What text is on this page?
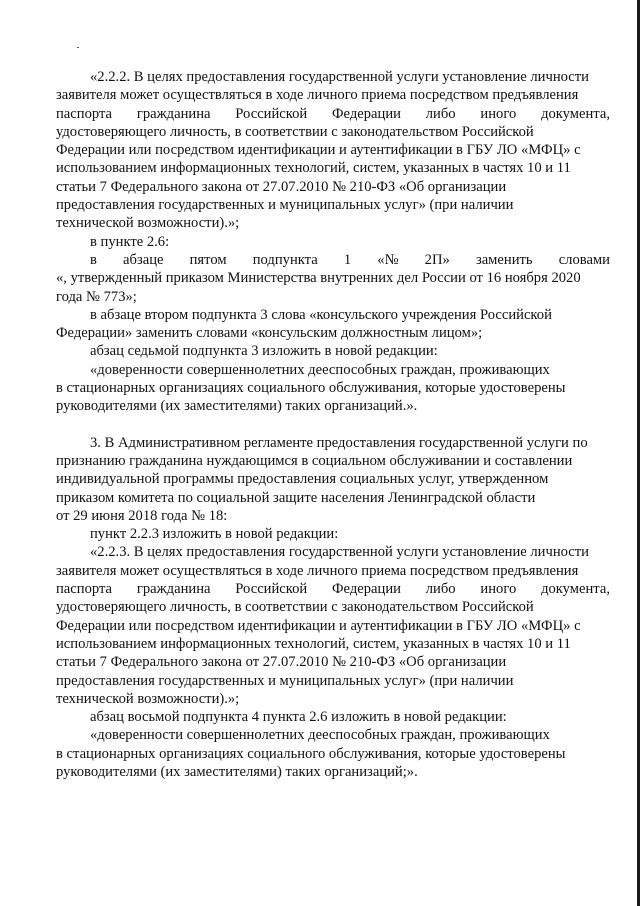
«2.2.2. В целях предоставления государственной услуги установление личности

заявителя может осуществляться в ходе личного приема посредством предъявления

паспорта гражданина Российской Федерации либо иного документа,

удостоверяющего личность, в соответствии с законодательством Российской

Федерации или посредством идентификации и аутентификации в ГБУ ЛО «МФЦ» с

использованием информационных технологий, систем, указанных в частях 10 и 11

статьи 7 Федерального закона от 27.07.2010 № 210-ФЗ «Об организации

предоставления государственных и муниципальных услуг» (при наличии

технической возможности).»;

в пункте 2.6:

в абзаце пятом подпункта 1 «№ 2П» заменить словами

«, утвержденный приказом Министерства внутренних дел России от 16 ноября 2020

года № 773»;

в абзаце втором подпункта 3 слова «консульского учреждения Российской

Федерации» заменить словами «консульским должностным лицом»;

абзац седьмой подпункта 3 изложить в новой редакции:

«доверенности совершеннолетних дееспособных граждан, проживающих

в стационарных организациях социального обслуживания, которые удостоверены

руководителями (их заместителями) таких организаций.».

3. В Административном регламенте предоставления государственной услуги по

признанию гражданина нуждающимся в социальном обслуживании и составлении

индивидуальной программы предоставления социальных услуг, утвержденном

приказом комитета по социальной защите населения Ленинградской области

от 29 июня 2018 года № 18:

пункт 2.2.3 изложить в новой редакции:

«2.2.3. В целях предоставления государственной услуги установление личности

заявителя может осуществляться в ходе личного приема посредством предъявления

паспорта гражданина Российской Федерации либо иного документа,

удостоверяющего личность, в соответствии с законодательством Российской

Федерации или посредством идентификации и аутентификации в ГБУ ЛО «МФЦ» с

использованием информационных технологий, систем, указанных в частях 10 и 11

статьи 7 Федерального закона от 27.07.2010 № 210-ФЗ «Об организации

предоставления государственных и муниципальных услуг» (при наличии

технической возможности).»;

абзац восьмой подпункта 4 пункта 2.6 изложить в новой редакции:

«доверенности совершеннолетних дееспособных граждан, проживающих

в стационарных организациях социального обслуживания, которые удостоверены

руководителями (их заместителями) таких организаций;».
